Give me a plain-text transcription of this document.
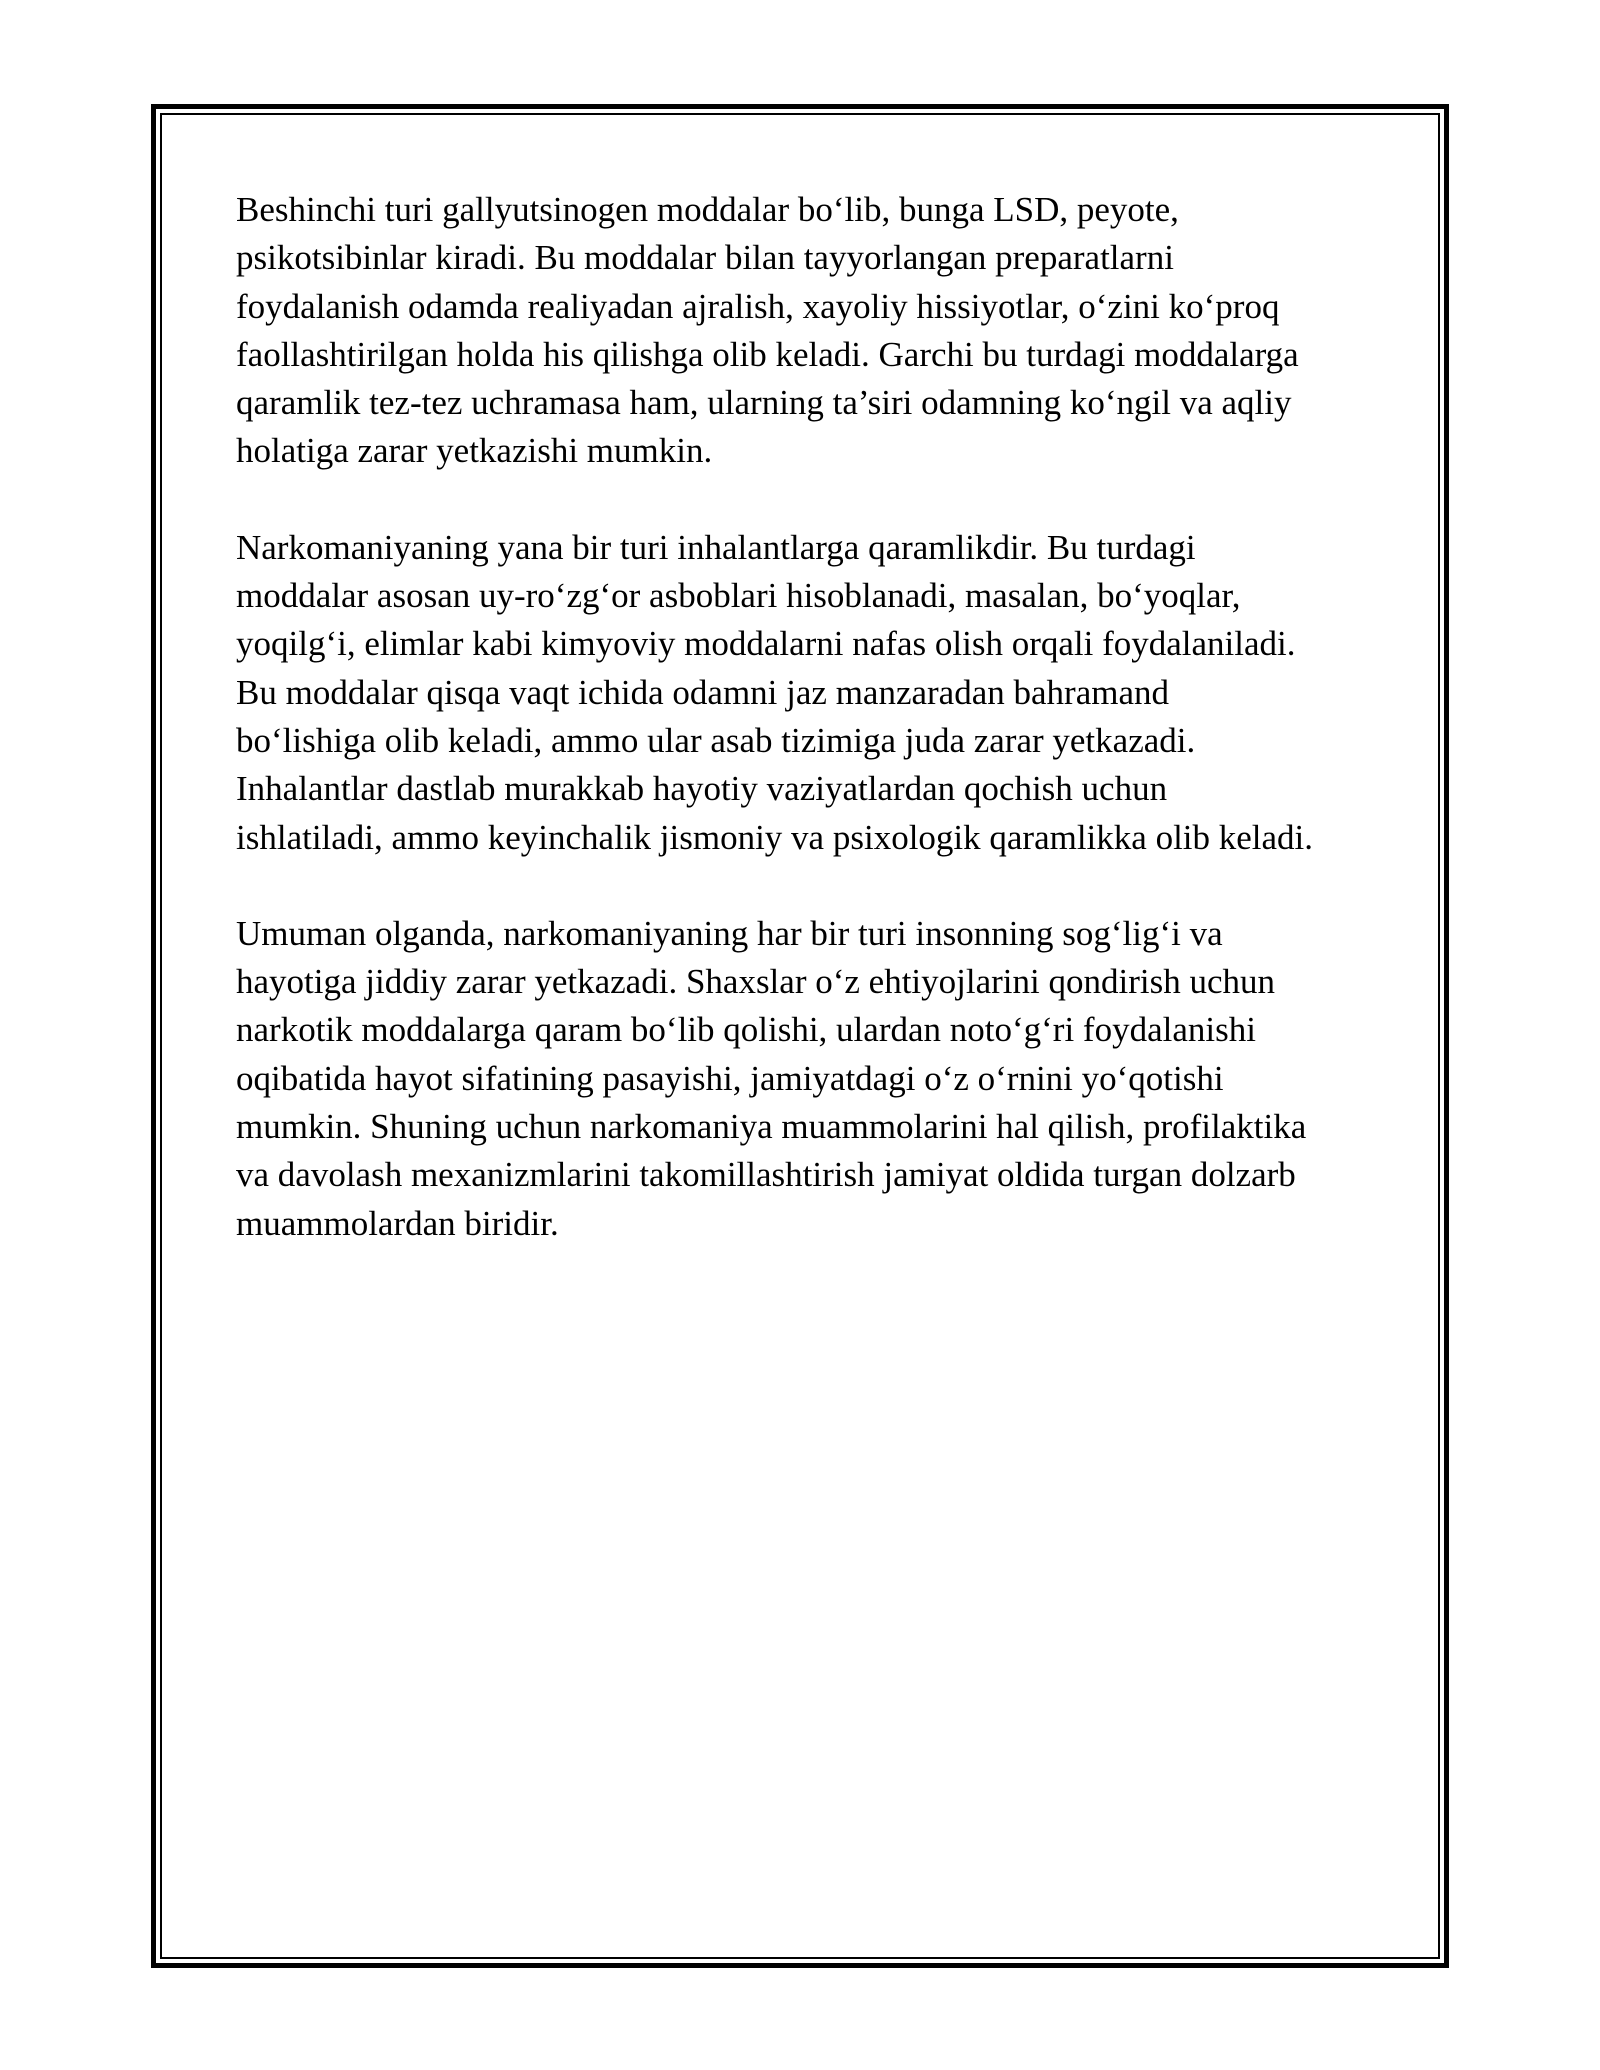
Beshinchi turi gallyutsinogen moddalar bo‘lib, bunga LSD, peyote,
psikotsibinlar kiradi. Bu moddalar bilan tayyorlangan preparatlarni
foydalanish odamda realiyadan ajralish, xayoliy hissiyotlar, o‘zini ko‘proq
faollashtirilgan holda his qilishga olib keladi. Garchi bu turdagi moddalarga
qaramlik tez-tez uchramasa ham, ularning ta’siri odamning ko‘ngil va aqliy
holatiga zarar yetkazishi mumkin.

Narkomaniyaning yana bir turi inhalantlarga qaramlikdir. Bu turdagi
moddalar asosan uy-ro‘zg‘or asboblari hisoblanadi, masalan, bo‘yoqlar,
yoqilg‘i, elimlar kabi kimyoviy moddalarni nafas olish orqali foydalaniladi.
Bu moddalar qisqa vaqt ichida odamni jaz manzaradan bahramand
bo‘lishiga olib keladi, ammo ular asab tizimiga juda zarar yetkazadi.
Inhalantlar dastlab murakkab hayotiy vaziyatlardan qochish uchun
ishlatiladi, ammo keyinchalik jismoniy va psixologik qaramlikka olib keladi.

Umuman olganda, narkomaniyaning har bir turi insonning sog‘lig‘i va
hayotiga jiddiy zarar yetkazadi. Shaxslar o‘z ehtiyojlarini qondirish uchun
narkotik moddalarga qaram bo‘lib qolishi, ulardan noto‘g‘ri foydalanishi
oqibatida hayot sifatining pasayishi, jamiyatdagi o‘z o‘rnini yo‘qotishi
mumkin. Shuning uchun narkomaniya muammolarini hal qilish, profilaktika
va davolash mexanizmlarini takomillashtirish jamiyat oldida turgan dolzarb
muammolardan biridir.
